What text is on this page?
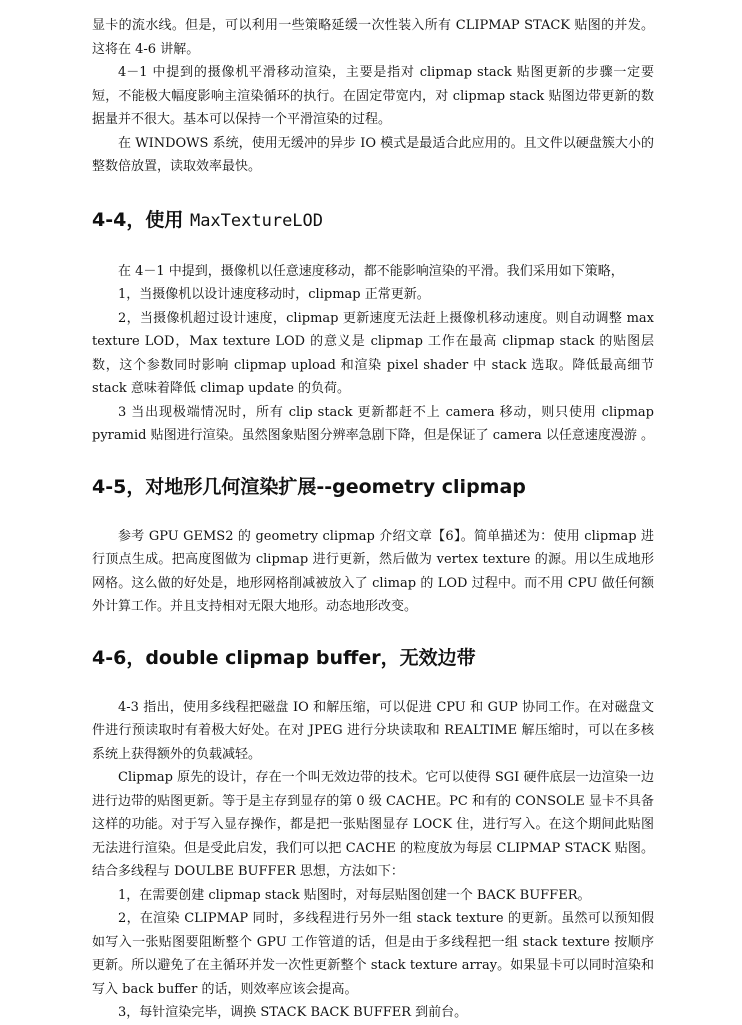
显卡的流水线。但是，可以利用一些策略延缓一次性装入所有 CLIPMAP STACK 贴图的并发。这将在 4-6 讲解。

4－1 中提到的摄像机平滑移动渲染，主要是指对 clipmap stack 贴图更新的步骤一定要短，不能极大幅度影响主渲染循环的执行。在固定带宽内，对 clipmap stack 贴图边带更新的数据量并不很大。基本可以保持一个平滑渲染的过程。

在 WINDOWS 系统，使用无缓冲的异步 IO 模式是最适合此应用的。且文件以硬盘簇大小的整数倍放置，读取效率最快。

4-4，使用 MaxTextureLOD

在 4－1 中提到，摄像机以任意速度移动，都不能影响渲染的平滑。我们采用如下策略，

1，当摄像机以设计速度移动时，clipmap 正常更新。

2，当摄像机超过设计速度，clipmap 更新速度无法赶上摄像机移动速度。则自动调整 max texture LOD，Max texture LOD 的意义是 clipmap 工作在最高 clipmap stack 的贴图层数，这个参数同时影响 clipmap upload 和渲染 pixel shader 中 stack 选取。降低最高细节 stack 意味着降低 climap update 的负荷。

3 当出现极端情况时，所有 clip stack 更新都赶不上 camera 移动，则只使用 clipmap pyramid 贴图进行渲染。虽然图象贴图分辨率急剧下降，但是保证了 camera 以任意速度漫游 。

4-5，对地形几何渲染扩展--geometry clipmap

参考 GPU GEMS2 的 geometry clipmap 介绍文章【6】。简单描述为：使用 clipmap 进行顶点生成。把高度图做为 clipmap 进行更新，然后做为 vertex texture 的源。用以生成地形网格。这么做的好处是，地形网格削减被放入了 climap 的 LOD 过程中。而不用 CPU 做任何额外计算工作。并且支持相对无限大地形。动态地形改变。

4-6，double clipmap buffer，无效边带

4-3 指出，使用多线程把磁盘 IO 和解压缩，可以促进 CPU 和 GUP 协同工作。在对磁盘文件进行预读取时有着极大好处。在对 JPEG 进行分块读取和 REALTIME 解压缩时，可以在多核系统上获得额外的负载减轻。

Clipmap 原先的设计，存在一个叫无效边带的技术。它可以使得 SGI 硬件底层一边渲染一边进行边带的贴图更新。等于是主存到显存的第 0 级 CACHE。PC 和有的 CONSOLE 显卡不具备这样的功能。对于写入显存操作，都是把一张贴图显存 LOCK 住，进行写入。在这个期间此贴图无法进行渲染。但是受此启发，我们可以把 CACHE 的粒度放为每层 CLIPMAP STACK 贴图。结合多线程与 DOULBE BUFFER 思想，方法如下：

1，在需要创建 clipmap stack 贴图时，对每层贴图创建一个 BACK BUFFER。

2，在渲染 CLIPMAP 同时，多线程进行另外一组 stack texture 的更新。虽然可以预知假如写入一张贴图要阻断整个 GPU 工作管道的话，但是由于多线程把一组 stack texture 按顺序更新。所以避免了在主循环并发一次性更新整个 stack texture array。如果显卡可以同时渲染和写入 back buffer 的话，则效率应该会提高。

3，每针渲染完毕，调换 STACK BACK BUFFER 到前台。
